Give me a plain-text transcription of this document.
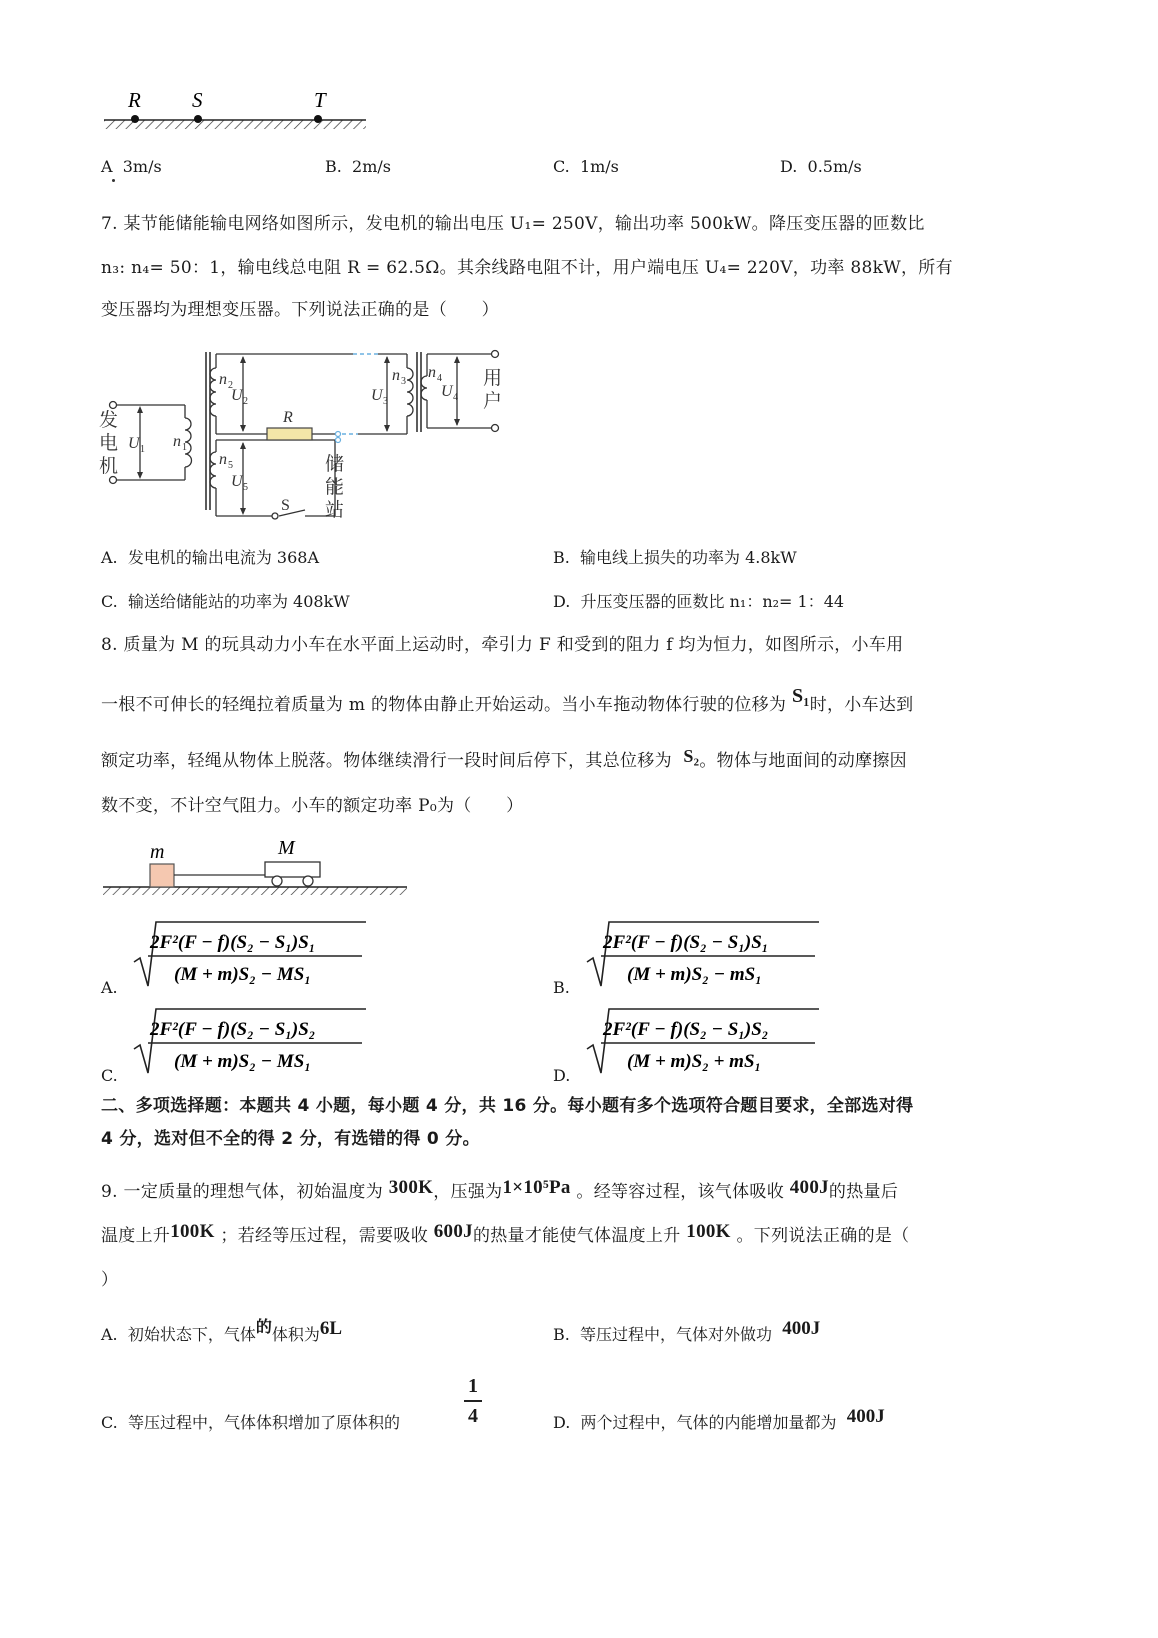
R S	T
A 3m/s	B. 2m/s	C. 1m/s	D. 0.5m/s
7. 某节能储能输电网络如图所示，发电机的输出电压 U₁= 250V，输出功率 500kW。降压变压器的匝数比
n₃: n₄= 50：1，输电线总电阻 R = 62.5Ω。其余线路电阻不计，用户端电压 U₄= 220V，功率 88kW，所有
变压器均为理想变压器。下列说法正确的是（　　）
发
电
机
用
户
储
能
站
R
S
U 1
U 2	U 3
U 4
U 5
n 1
n 2
n 3
n 4
n 5
A. 发电机的输出电流为 368A	B. 输电线上损失的功率为 4.8kW
C. 输送给储能站的功率为 408kW	D. 升压变压器的匝数比 n₁：n₂= 1：44
8. 质量为 M 的玩具动力小车在水平面上运动时，牵引力 F 和受到的阻力 f 均为恒力，如图所示，小车用
一根不可伸长的轻绳拉着质量为 m 的物体由静止开始运动。当小车拖动物体行驶的位移为 S₁时，小车达到
额定功率，轻绳从物体上脱落。物体继续滑行一段时间后停下，其总位移为 S₂。物体与地面间的动摩擦因
数不变，不计空气阻力。小车的额定功率 P₀为（　　）
m	M
A.
2F²(F − f)(S₂ − S₁)S₁
(M + m)S₂ − MS₁
B.
2F²(F − f)(S₂ − S₁)S₁
(M + m)S₂ − mS₁
C.
2F²(F − f)(S₂ − S₁)S₂
(M + m)S₂ − MS₁
D.
2F²(F − f)(S₂ − S₁)S₂
(M + m)S₂ + mS₁
二、多项选择题：本题共 4 小题，每小题 4 分，共 16 分。每小题有多个选项符合题目要求，全部选对得
4 分，选对但不全的得 2 分，有选错的得 0 分。
9. 一定质量的理想气体，初始温度为 300K，压强为1×10⁵Pa 。经等容过程，该气体吸收 400J的热量后
温度上升100K ；若经等压过程，需要吸收 600J的热量才能使气体温度上升 100K 。下列说法正确的是（
）
A. 初始状态下，气体的体积为6L	B. 等压过程中，气体对外做功 400J
C. 等压过程中，气体体积增加了原体积的
1
4	D. 两个过程中，气体的内能增加量都为 400J
